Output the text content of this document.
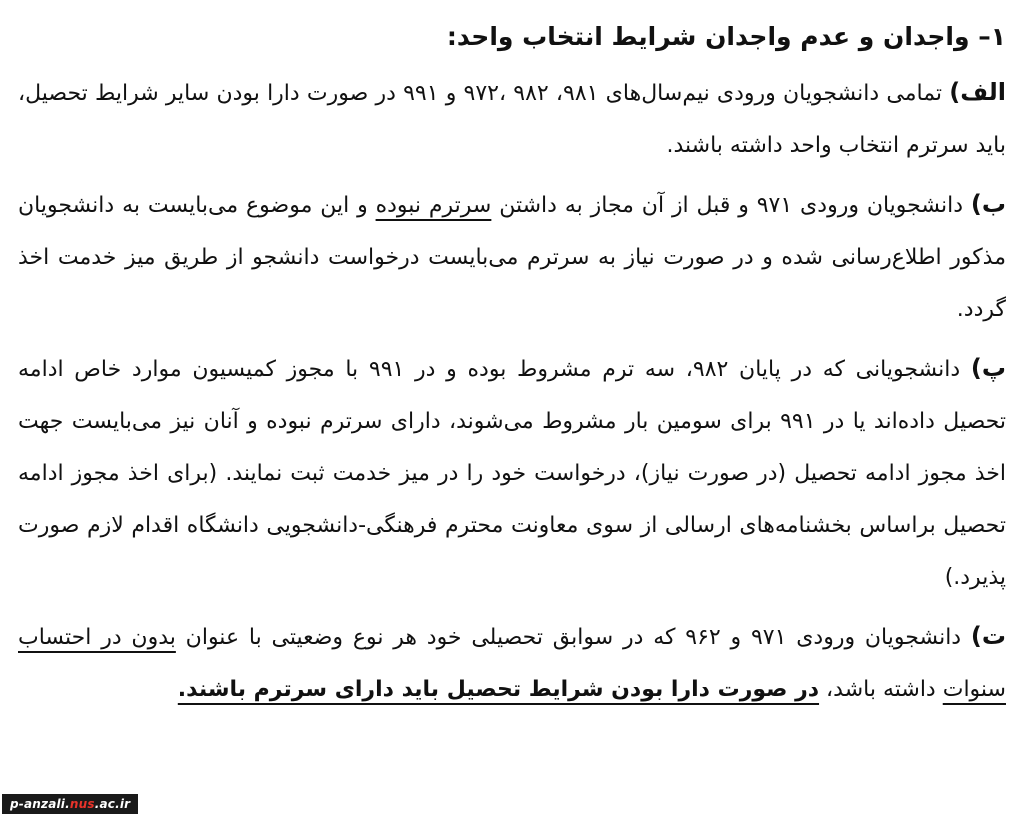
۱– واجدان و عدم واجدان شرایط انتخاب واحد:

الف) تمامی دانشجویان ورودی نیم‌سال‌های ۹۸۱، ۹۸۲ ،۹۷۲ و ۹۹۱ در صورت دارا بودن سایر شرایط تحصیل، باید سرترم انتخاب واحد داشته باشند.

ب) دانشجویان ورودی ۹۷۱ و قبل از آن مجاز به داشتن سرترم نبوده و این موضوع می‌بایست به دانشجویان مذکور اطلاع‌رسانی شده و در صورت نیاز به سرترم می‌بایست درخواست دانشجو از طریق میز خدمت اخذ گردد.

پ) دانشجویانی که در پایان ۹۸۲، سه ترم مشروط بوده و در ۹۹۱ با مجوز کمیسیون موارد خاص ادامه تحصیل داده‌اند یا در ۹۹۱ برای سومین بار مشروط می‌شوند، دارای سرترم نبوده و آنان نیز می‌بایست جهت اخذ مجوز ادامه تحصیل (در صورت نیاز)، درخواست خود را در میز خدمت ثبت نمایند. (برای اخذ مجوز ادامه تحصیل براساس بخشنامه‌های ارسالی از سوی معاونت محترم فرهنگی-دانشجویی دانشگاه اقدام لازم صورت پذیرد.)

ت) دانشجویان ورودی ۹۷۱ و ۹۶۲ که در سوابق تحصیلی خود هر نوع وضعیتی با عنوان بدون در احتساب سنوات داشته باشد، در صورت دارا بودن شرایط تحصیل باید دارای سرترم باشند.

p-anzali.nus.ac.ir
